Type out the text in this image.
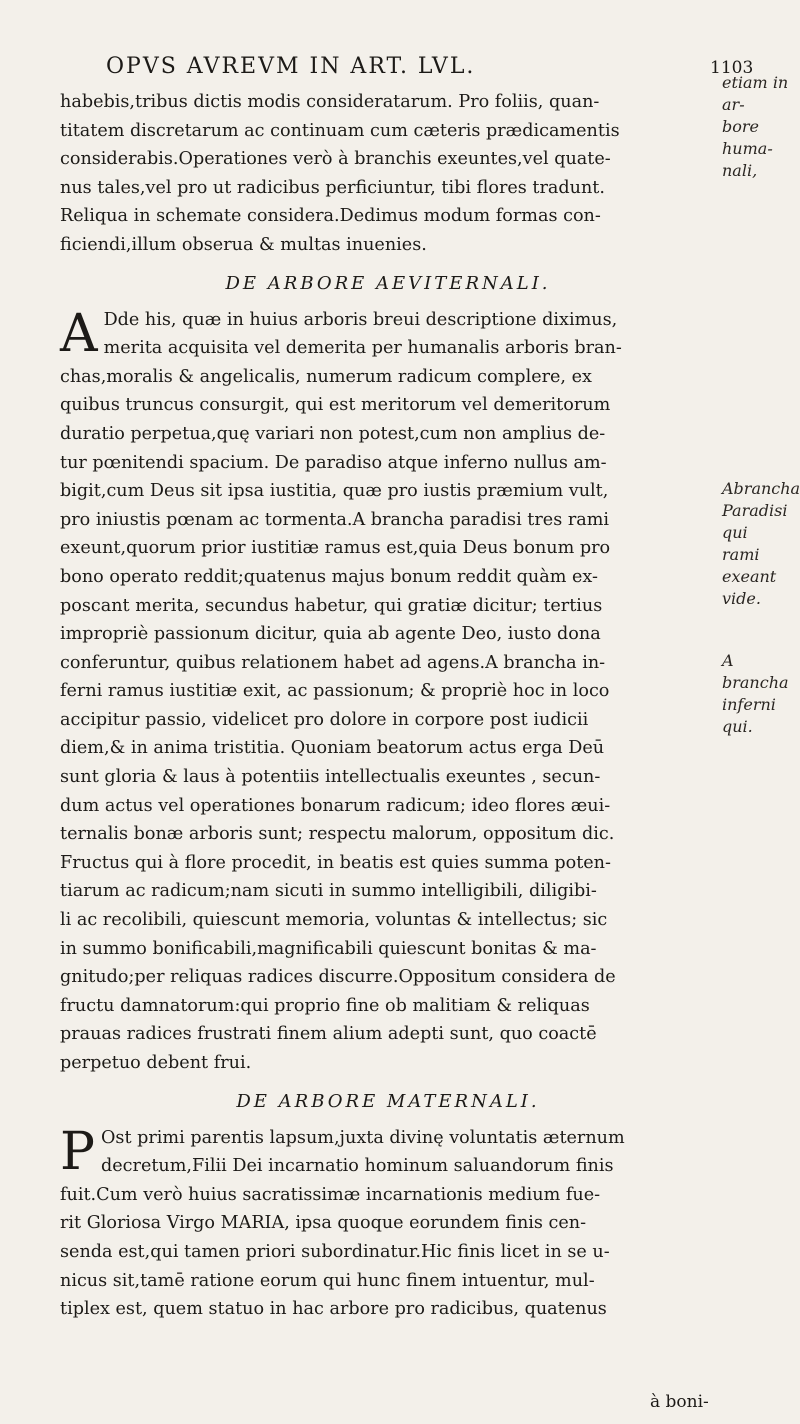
OPVS AVREVM IN ART. LVL.	1103

habebis,tribus dictis modis consideratarum. Pro foliis, quan-
titatem discretarum ac continuam cum cæteris prædicamentis
considerabis.Operationes verò à branchis exeuntes,vel quate-
nus tales,vel pro ut radicibus perficiuntur, tibi flores tradunt.
Reliqua in schemate considera.Dedimus modum formas con-
ficiendi,illum obserua & multas inuenies.

DE ARBORE AEVITERNALI.

A Dde his, quæ in huius arboris breui descriptione diximus,
merita acquisita vel demerita per humanalis arboris bran-
chas,moralis & angelicalis, numerum radicum complere, ex
quibus truncus consurgit, qui est meritorum vel demeritorum
duratio perpetua,quę variari non potest,cum non amplius de-
tur pœnitendi spacium. De paradiso atque inferno nullus am-
bigit,cum Deus sit ipsa iustitia, quæ pro iustis præmium vult,
pro iniustis pœnam ac tormenta.A brancha paradisi tres rami
exeunt,quorum prior iustitiæ ramus est,quia Deus bonum pro
bono operato reddit;quatenus majus bonum reddit quàm ex-
poscant merita, secundus habetur, qui gratiæ dicitur; tertius
impropriè passionum dicitur, quia ab agente Deo, iusto dona
conferuntur, quibus relationem habet ad agens.A brancha in-
ferni ramus iustitiæ exit, ac passionum; & propriè hoc in loco
accipitur passio, videlicet pro dolore in corpore post iudicii
diem,& in anima tristitia. Quoniam beatorum actus erga Deū
sunt gloria & laus à potentiis intellectualis exeuntes , secun-
dum actus vel operationes bonarum radicum; ideo flores æui-
ternalis bonæ arboris sunt; respectu malorum, oppositum dic.
Fructus qui à flore procedit, in beatis est quies summa poten-
tiarum ac radicum;nam sicuti in summo intelligibili, diligibi-
li ac recolibili, quiescunt memoria, voluntas & intellectus; sic
in summo bonificabili,magnificabili quiescunt bonitas & ma-
gnitudo;per reliquas radices discurre.Oppositum considera de
fructu damnatorum:qui proprio fine ob malitiam & reliquas
prauas radices frustrati finem alium adepti sunt, quo coactē
perpetuo debent frui.

DE ARBORE MATERNALI.

P Ost primi parentis lapsum,juxta divinę voluntatis æternum
decretum,Filii Dei incarnatio hominum saluandorum finis
fuit.Cum verò huius sacratissimæ incarnationis medium fue-
rit Gloriosa Virgo MARIA, ipsa quoque eorundem finis cen-
senda est,qui tamen priori subordinatur.Hic finis licet in se u-
nicus sit,tamē ratione eorum qui hunc finem intuentur, mul-
tiplex est, quem statuo in hac arbore pro radicibus, quatenus

etiam in ar-
bore huma-
nali,
Abrancha
Paradisi qui
rami exeant
vide.
A brancha
inferni qui.
à boni-
